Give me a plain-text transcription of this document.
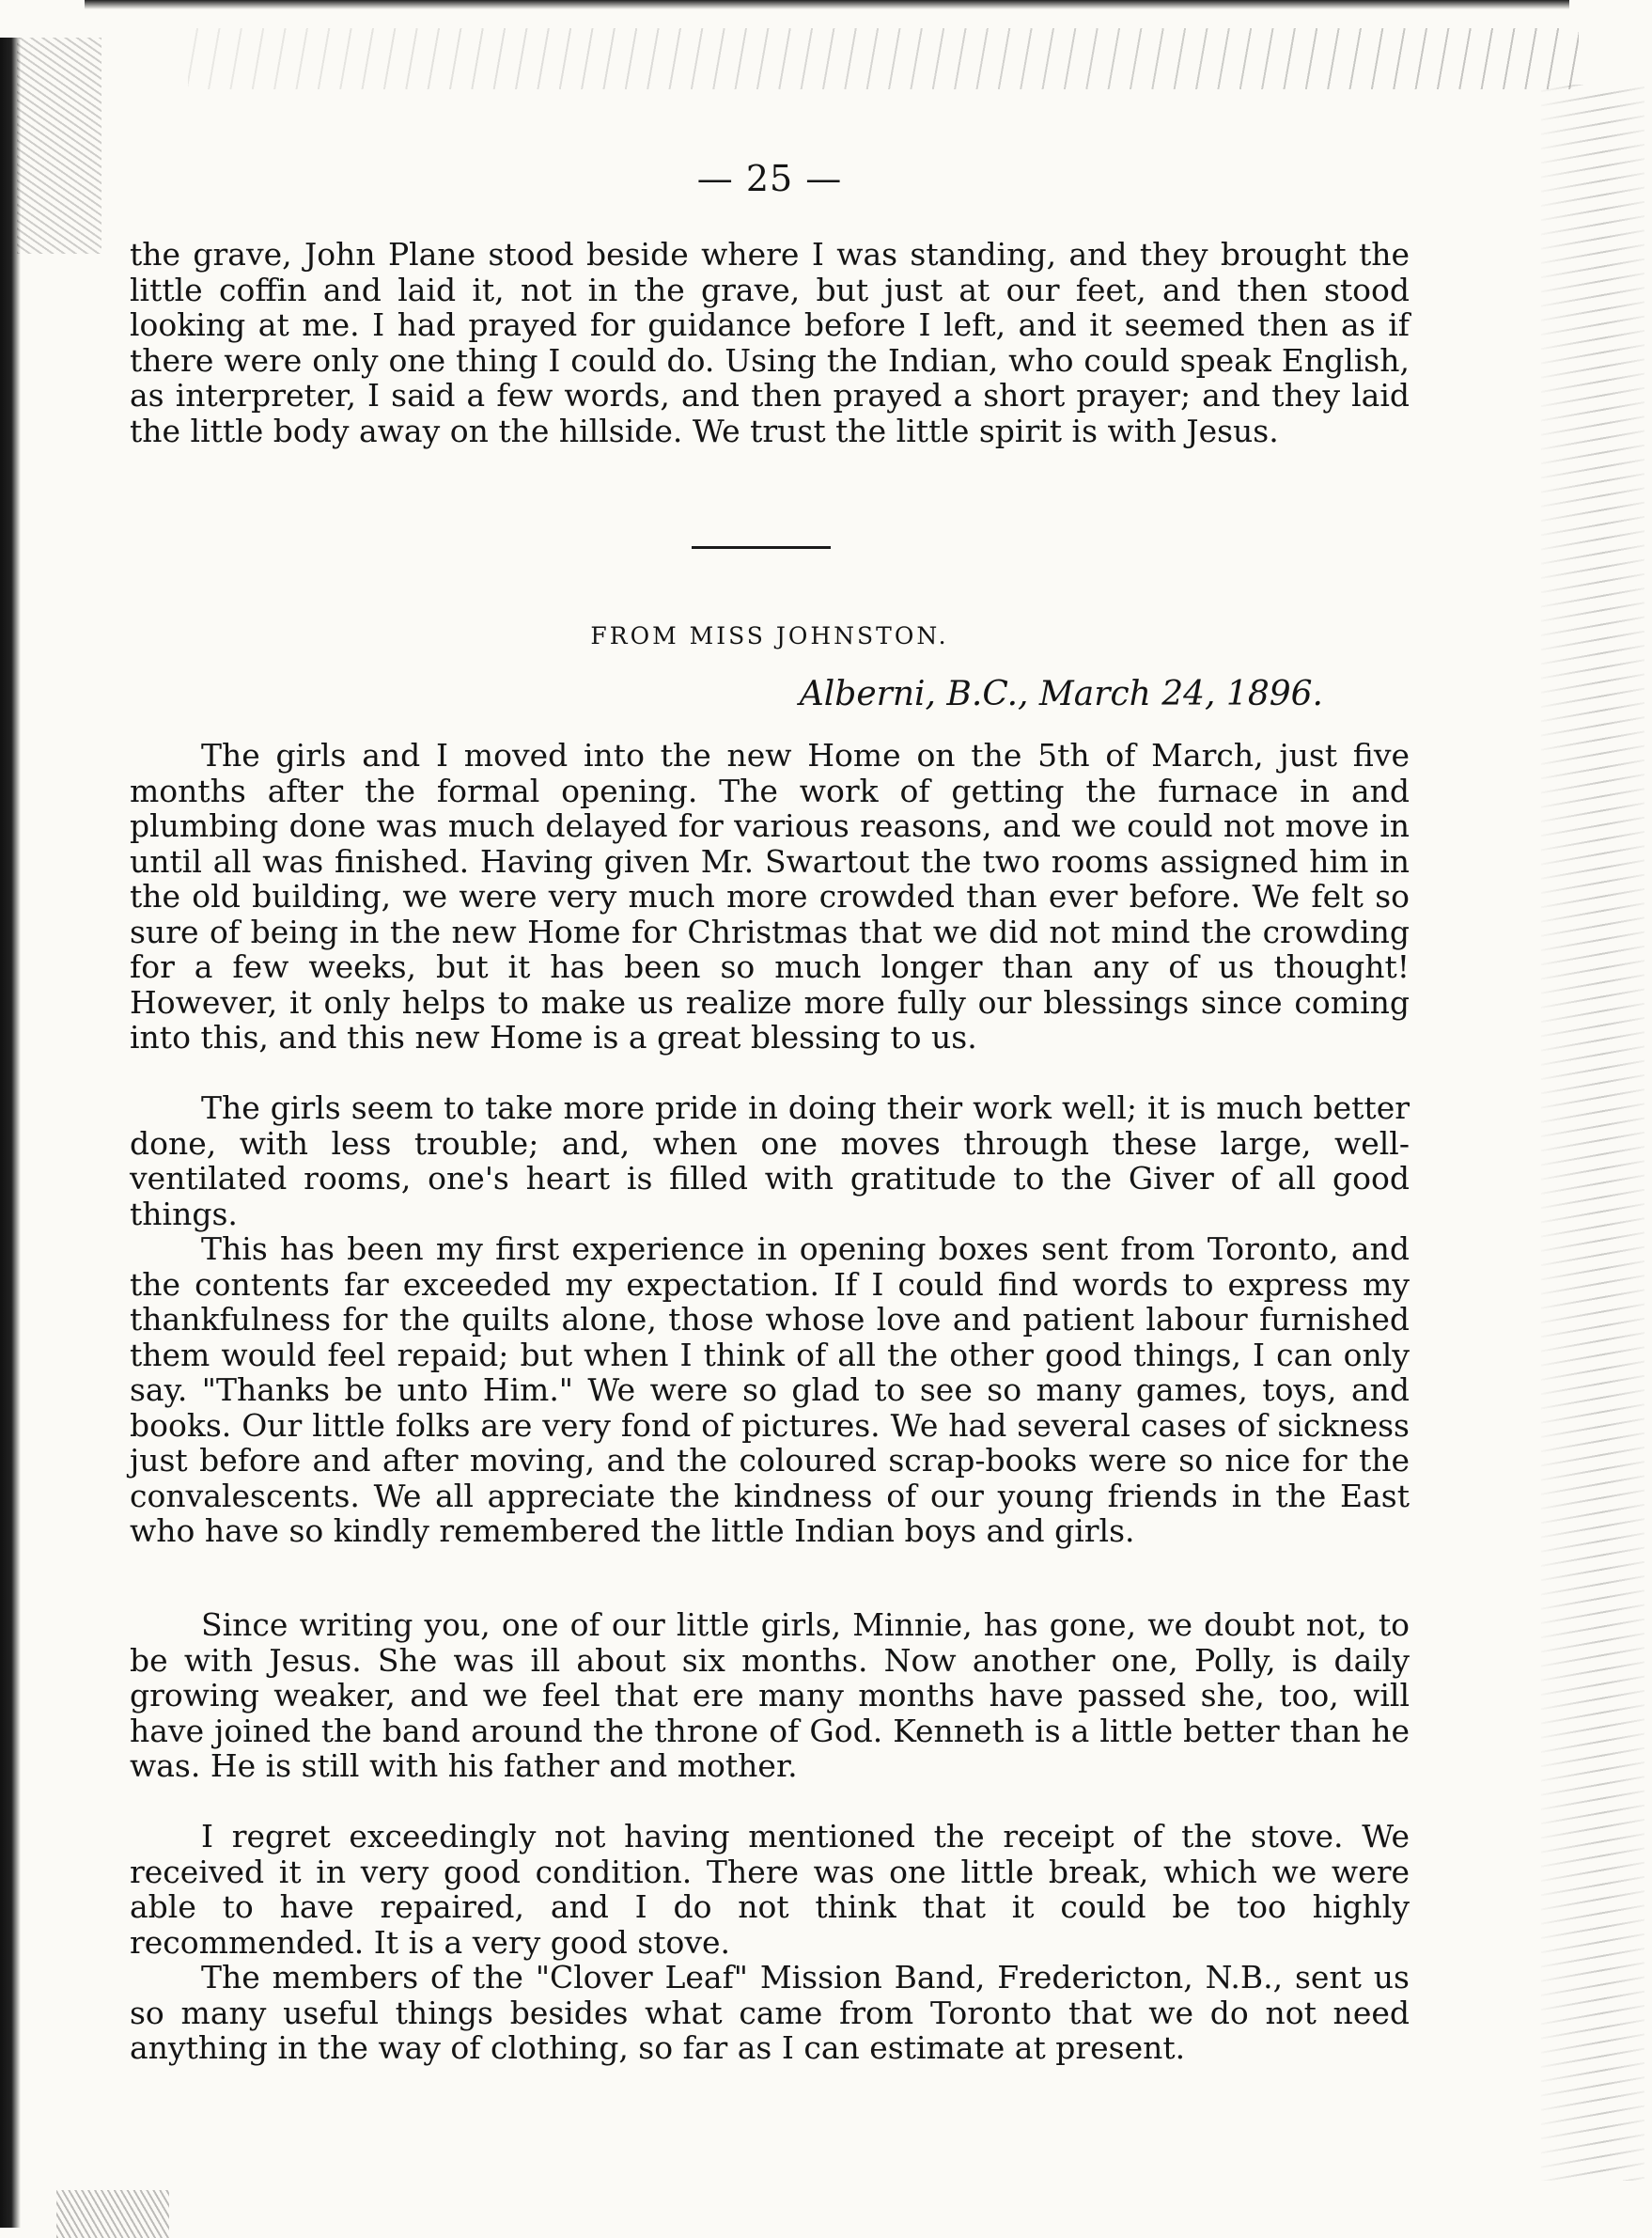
— 25 —

the grave, John Plane stood beside where I was standing, and they brought the little coffin and laid it, not in the grave, but just at our feet, and then stood looking at me. I had prayed for guidance before I left, and it seemed then as if there were only one thing I could do. Using the Indian, who could speak English, as interpreter, I said a few words, and then prayed a short prayer; and they laid the little body away on the hillside. We trust the little spirit is with Jesus.

FROM MISS JOHNSTON.
Alberni, B.C., March 24, 1896.

The girls and I moved into the new Home on the 5th of March, just five months after the formal opening. The work of getting the furnace in and plumbing done was much delayed for various reasons, and we could not move in until all was finished. Having given Mr. Swartout the two rooms assigned him in the old building, we were very much more crowded than ever before. We felt so sure of being in the new Home for Christmas that we did not mind the crowding for a few weeks, but it has been so much longer than any of us thought! However, it only helps to make us realize more fully our blessings since coming into this, and this new Home is a great blessing to us.

The girls seem to take more pride in doing their work well; it is much better done, with less trouble; and, when one moves through these large, well-ventilated rooms, one's heart is filled with gratitude to the Giver of all good things.

This has been my first experience in opening boxes sent from Toronto, and the contents far exceeded my expectation. If I could find words to express my thankfulness for the quilts alone, those whose love and patient labour furnished them would feel repaid; but when I think of all the other good things, I can only say. "Thanks be unto Him." We were so glad to see so many games, toys, and books. Our little folks are very fond of pictures. We had several cases of sickness just before and after moving, and the coloured scrap-books were so nice for the convalescents. We all appreciate the kindness of our young friends in the East who have so kindly remembered the little Indian boys and girls.

Since writing you, one of our little girls, Minnie, has gone, we doubt not, to be with Jesus. She was ill about six months. Now another one, Polly, is daily growing weaker, and we feel that ere many months have passed she, too, will have joined the band around the throne of God. Kenneth is a little better than he was. He is still with his father and mother.

I regret exceedingly not having mentioned the receipt of the stove. We received it in very good condition. There was one little break, which we were able to have repaired, and I do not think that it could be too highly recommended. It is a very good stove.

The members of the "Clover Leaf" Mission Band, Fredericton, N.B., sent us so many useful things besides what came from Toronto that we do not need anything in the way of clothing, so far as I can estimate at present.
